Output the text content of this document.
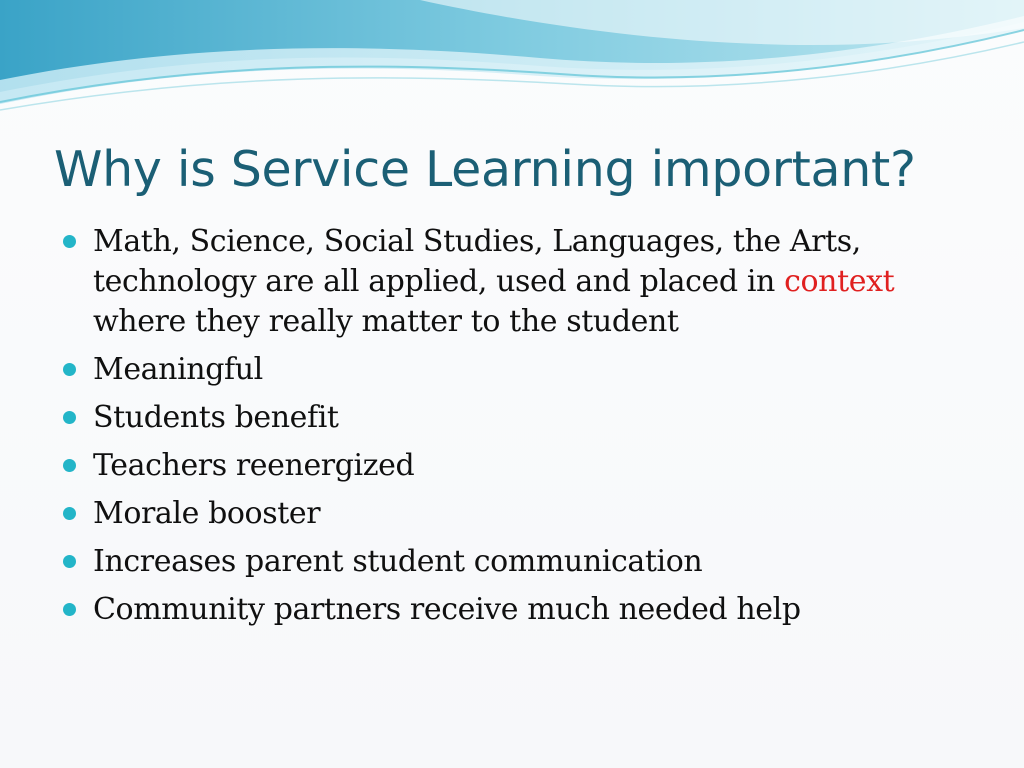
Why is Service Learning important?
Math, Science, Social Studies, Languages, the Arts,
technology are all applied, used and placed in context
where they really matter to the student
Meaningful
Students benefit
Teachers reenergized
Morale booster
Increases parent student communication
Community partners receive much needed help
